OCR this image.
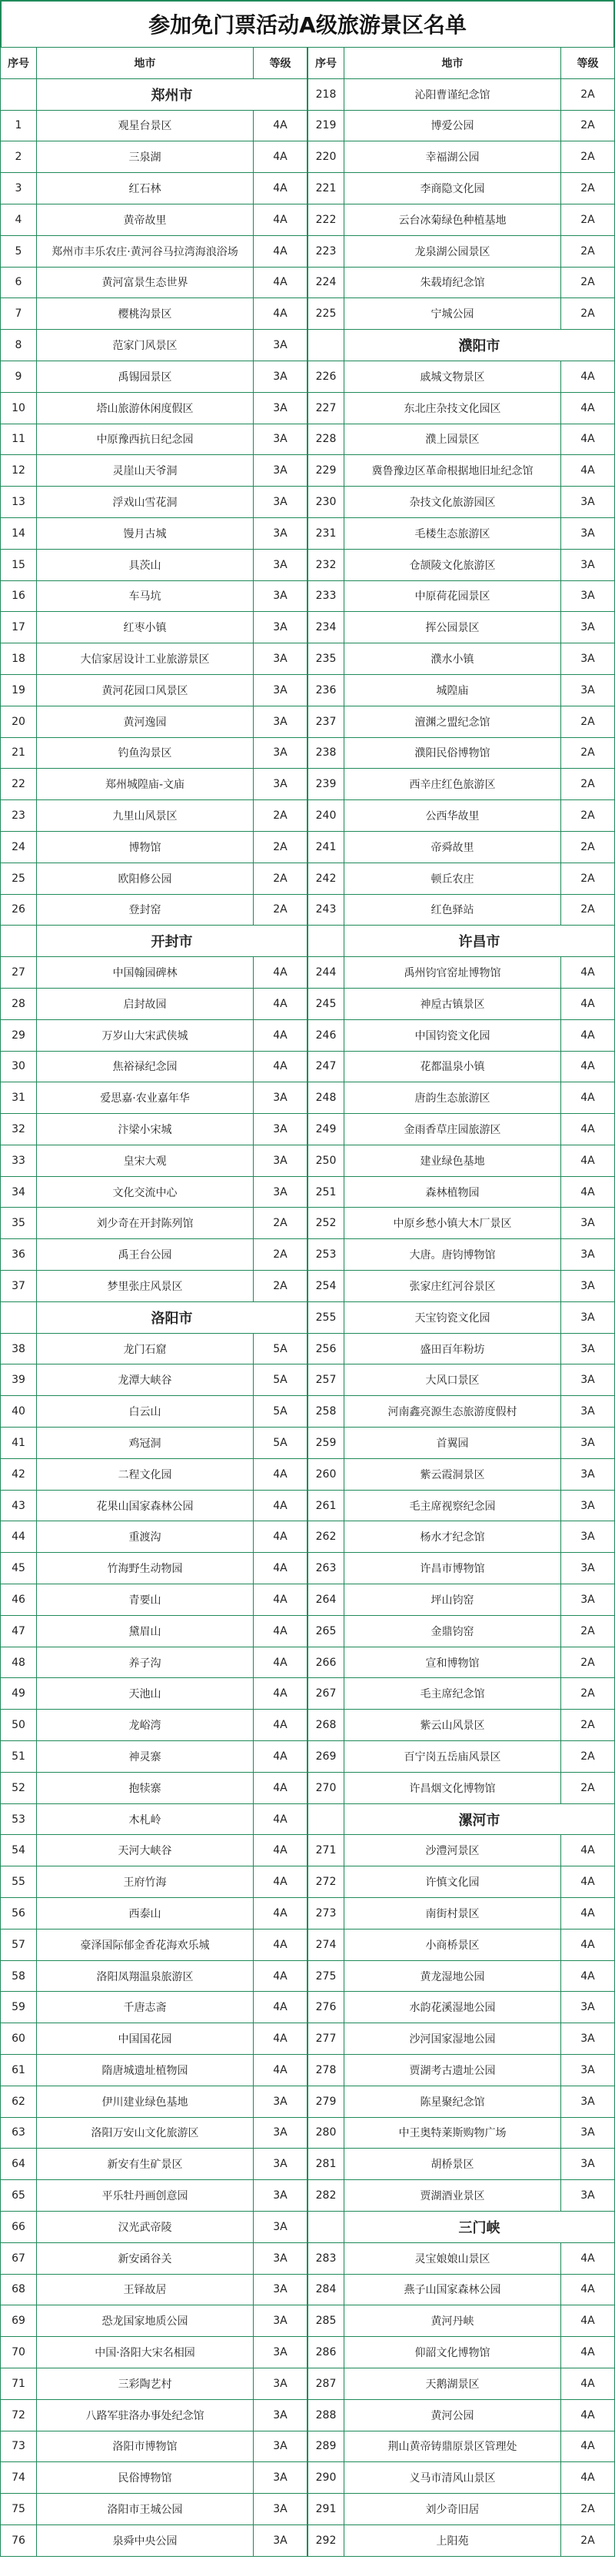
参加免门票活动A级旅游景区名单
序号	地市	等级
郑州市
1	观星台景区	4A
2	三泉湖	4A
3	红石林	4A
4	黄帝故里	4A
5	郑州市丰乐农庄·黄河谷马拉湾海浪浴场	4A
6	黄河富景生态世界	4A
7	樱桃沟景区	4A
8	范家门风景区	3A
9	禹锡园景区	3A
10	塔山旅游休闲度假区	3A
11	中原豫西抗日纪念园	3A
12	灵崖山天爷洞	3A
13	浮戏山雪花洞	3A
14	馒月古城	3A
15	具茨山	3A
16	车马坑	3A
17	红枣小镇	3A
18	大信家居设计工业旅游景区	3A
19	黄河花园口风景区	3A
20	黄河逸园	3A
21	钓鱼沟景区	3A
22	郑州城隍庙-文庙	3A
23	九里山风景区	2A
24	博物馆	2A
25	欧阳修公园	2A
26	登封窑	2A
开封市
27	中国翰园碑林	4A
28	启封故园	4A
29	万岁山大宋武侠城	4A
30	焦裕禄纪念园	4A
31	爱思嘉·农业嘉年华	3A
32	汴梁小宋城	3A
33	皇宋大观	3A
34	文化交流中心	3A
35	刘少奇在开封陈列馆	2A
36	禹王台公园	2A
37	梦里张庄风景区	2A
洛阳市
38	龙门石窟	5A
39	龙潭大峡谷	5A
40	白云山	5A
41	鸡冠洞	5A
42	二程文化园	4A
43	花果山国家森林公园	4A
44	重渡沟	4A
45	竹海野生动物园	4A
46	青要山	4A
47	黛眉山	4A
48	养子沟	4A
49	天池山	4A
50	龙峪湾	4A
51	神灵寨	4A
52	抱犊寨	4A
53	木札岭	4A
54	天河大峡谷	4A
55	王府竹海	4A
56	西泰山	4A
57	豪泽国际郁金香花海欢乐城	4A
58	洛阳凤翔温泉旅游区	4A
59	千唐志斋	4A
60	中国国花园	4A
61	隋唐城遗址植物园	4A
62	伊川建业绿色基地	3A
63	洛阳万安山文化旅游区	3A
64	新安有生矿景区	3A
65	平乐牡丹画创意园	3A
66	汉光武帝陵	3A
67	新安函谷关	3A
68	王铎故居	3A
69	恐龙国家地质公园	3A
70	中国·洛阳大宋名相园	3A
71	三彩陶艺村	3A
72	八路军驻洛办事处纪念馆	3A
73	洛阳市博物馆	3A
74	民俗博物馆	3A
75	洛阳市王城公园	3A
76	泉舜中央公园	3A
序号	地市	等级
218	沁阳曹谨纪念馆	2A
219	博爱公园	2A
220	幸福湖公园	2A
221	李商隐文化园	2A
222	云台冰菊绿色种植基地	2A
223	龙泉湖公园景区	2A
224	朱载堉纪念馆	2A
225	宁城公园	2A
濮阳市
226	戚城文物景区	4A
227	东北庄杂技文化园区	4A
228	濮上园景区	4A
229	冀鲁豫边区革命根据地旧址纪念馆	4A
230	杂技文化旅游园区	3A
231	毛楼生态旅游区	3A
232	仓颉陵文化旅游区	3A
233	中原荷花园景区	3A
234	挥公园景区	3A
235	濮水小镇	3A
236	城隍庙	3A
237	澶渊之盟纪念馆	2A
238	濮阳民俗博物馆	2A
239	西辛庄红色旅游区	2A
240	公西华故里	2A
241	帝舜故里	2A
242	顿丘农庄	2A
243	红色驿站	2A
许昌市
244	禹州钧官窑址博物馆	4A
245	神垕古镇景区	4A
246	中国钧瓷文化园	4A
247	花都温泉小镇	4A
248	唐韵生态旅游区	4A
249	金雨香草庄园旅游区	4A
250	建业绿色基地	4A
251	森林植物园	4A
252	中原乡愁小镇大木厂景区	3A
253	大唐。唐钧博物馆	3A
254	张家庄红河谷景区	3A
255	天宝钧瓷文化园	3A
256	盛田百年粉坊	3A
257	大风口景区	3A
258	河南鑫亮源生态旅游度假村	3A
259	首翼园	3A
260	紫云霞洞景区	3A
261	毛主席视察纪念园	3A
262	杨水才纪念馆	3A
263	许昌市博物馆	3A
264	坪山钧窑	3A
265	金鼎钧窑	2A
266	宣和博物馆	2A
267	毛主席纪念馆	2A
268	紫云山风景区	2A
269	百宁岗五岳庙风景区	2A
270	许昌烟文化博物馆	2A
漯河市
271	沙澧河景区	4A
272	许慎文化园	4A
273	南街村景区	4A
274	小商桥景区	4A
275	黄龙湿地公园	4A
276	水韵花溪湿地公园	3A
277	沙河国家湿地公园	3A
278	贾湖考古遗址公园	3A
279	陈星聚纪念馆	3A
280	中王奥特莱斯购物广场	3A
281	胡桥景区	3A
282	贾湖酒业景区	3A
三门峡
283	灵宝娘娘山景区	4A
284	燕子山国家森林公园	4A
285	黄河丹峡	4A
286	仰韶文化博物馆	4A
287	天鹅湖景区	4A
288	黄河公园	4A
289	荆山黄帝铸鼎原景区管理处	4A
290	义马市清风山景区	4A
291	刘少奇旧居	2A
292	上阳苑	2A
